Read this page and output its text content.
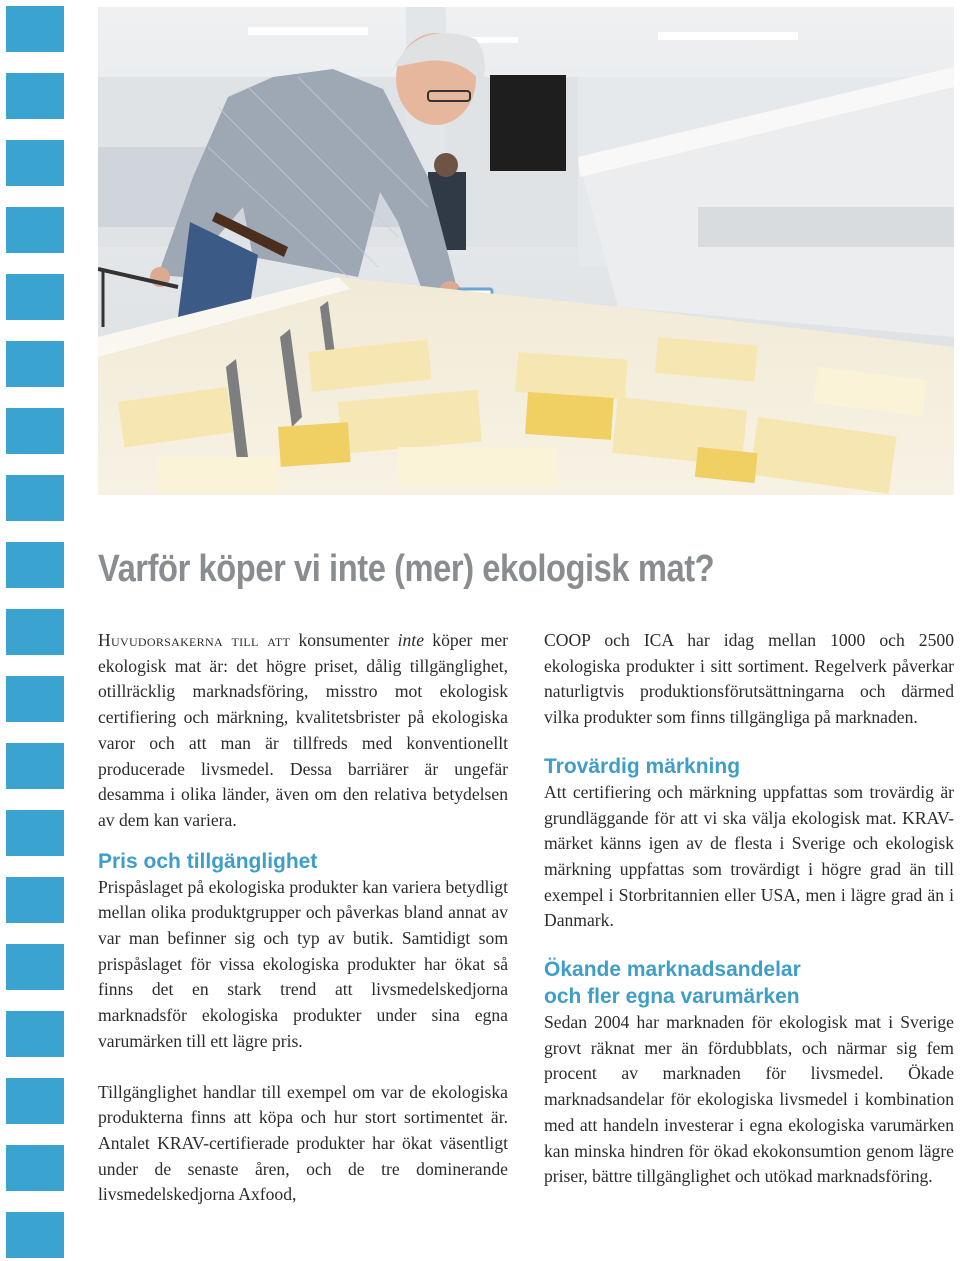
Varför köper vi inte (mer) ekologisk mat?

Huvudorsakerna till att konsumenter inte köper mer ekologisk mat är: det högre priset, dålig tillgänglighet, otillräcklig marknadsföring, misstro mot ekologisk certifiering och märkning, kvalitetsbrister på ekologiska varor och att man är tillfreds med konventionellt producerade livsmedel. Dessa barriärer är ungefär desamma i olika länder, även om den relativa betydelsen av dem kan variera.

Pris och tillgänglighet

Prispåslaget på ekologiska produkter kan variera betydligt mellan olika produktgrupper och påverkas bland annat av var man befinner sig och typ av butik. Samtidigt som prispåslaget för vissa ekologiska produkter har ökat så finns det en stark trend att livsmedelskedjorna marknadsför ekologiska produkter under sina egna varumärken till ett lägre pris.

Tillgänglighet handlar till exempel om var de ekologiska produkterna finns att köpa och hur stort sortimentet är. Antalet KRAV-certifierade produkter har ökat väsentligt under de senaste åren, och de tre dominerande livsmedelskedjorna Axfood,

COOP och ICA har idag mellan 1000 och 2500 ekologiska produkter i sitt sortiment. Regelverk påverkar naturligtvis produktionsförutsättningarna och därmed vilka produkter som finns tillgängliga på marknaden.

Trovärdig märkning

Att certifiering och märkning uppfattas som trovärdig är grundläggande för att vi ska välja ekologisk mat. KRAV-märket känns igen av de flesta i Sverige och ekologisk märkning uppfattas som trovärdigt i högre grad än till exempel i Storbritannien eller USA, men i lägre grad än i Danmark.

Ökande marknadsandelar
och fler egna varumärken

Sedan 2004 har marknaden för ekologisk mat i Sverige grovt räknat mer än fördubblats, och närmar sig fem procent av marknaden för livsmedel. Ökade marknadsandelar för ekologiska livsmedel i kombination med att handeln investerar i egna ekologiska varumärken kan minska hindren för ökad ekokonsumtion genom lägre priser, bättre tillgänglighet och utökad marknadsföring.
